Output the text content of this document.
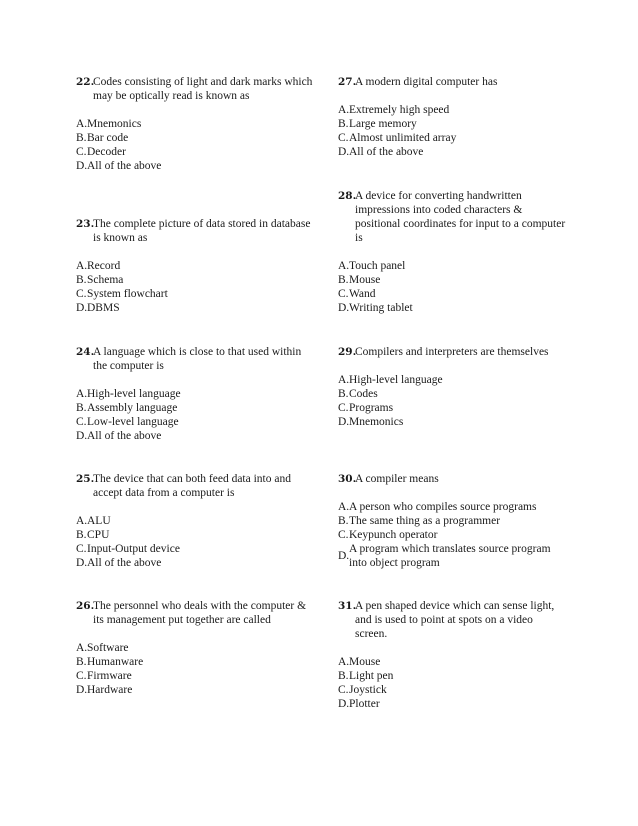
22.
Codes consisting of light and dark marks which may be optically read is known as
A. Mnemonics
B. Bar code
C. Decoder
D. All of the above
23.
The complete picture of data stored in database is known as
A. Record
B. Schema
C. System flowchart
D. DBMS
24.
A language which is close to that used within the computer is
A. High-level language
B. Assembly language
C. Low-level language
D. All of the above
25.
The device that can both feed data into and accept data from a computer is
A. ALU
B. CPU
C. Input-Output device
D. All of the above
26.
The personnel who deals with the computer & its management put together are called
A. Software
B. Humanware
C. Firmware
D. Hardware
27.
A modern digital computer has
A. Extremely high speed
B. Large memory
C. Almost unlimited array
D. All of the above
28.
A device for converting handwritten impressions into coded characters & positional coordinates for input to a computer is
A. Touch panel
B. Mouse
C. Wand
D. Writing tablet
29.
Compilers and interpreters are themselves
A. High-level language
B. Codes
C. Programs
D. Mnemonics
30.
A compiler means
A. A person who compiles source programs
B. The same thing as a programmer
C. Keypunch operator
D.
A program which translates source program into object program
31.
A pen shaped device which can sense light, and is used to point at spots on a video screen.
A. Mouse
B. Light pen
C. Joystick
D. Plotter
